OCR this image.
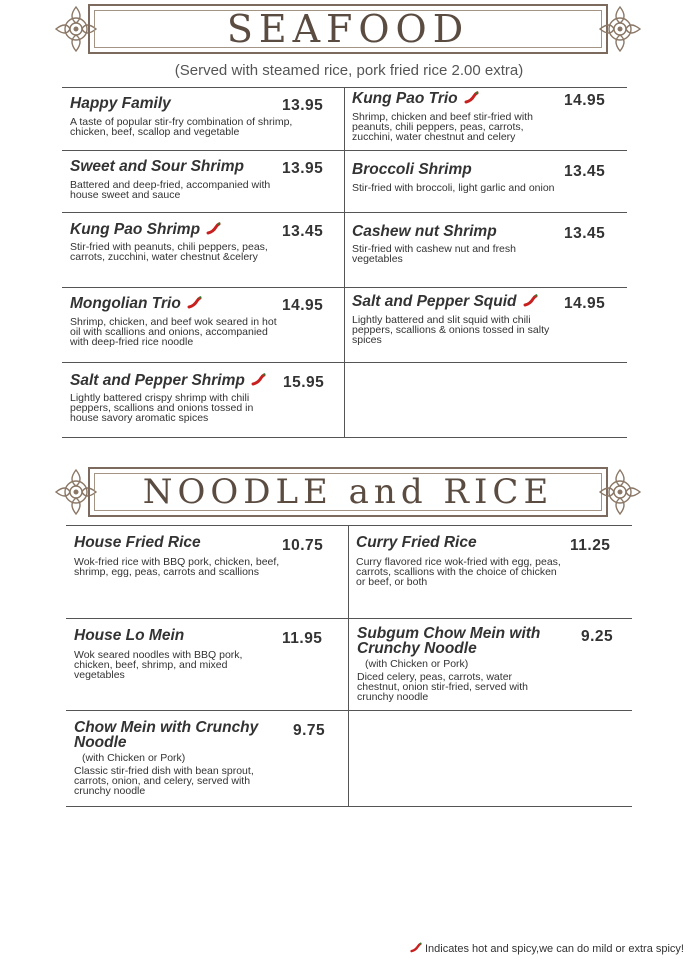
SEAFOOD
(Served with steamed rice, pork fried rice 2.00 extra)
Happy Family	13.95
A taste of popular stir-fry combination of shrimp, chicken, beef, scallop and vegetable
Kung Pao Trio	14.95
Shrimp, chicken and beef stir-fried with peanuts, chili peppers, peas, carrots, zucchini, water chestnut and celery
Sweet and Sour Shrimp 13.95
Battered and deep-fried, accompanied with house sweet and sauce
Broccoli Shrimp	13.45
Stir-fried with broccoli, light garlic and onion
Kung Pao Shrimp	13.45
Stir-fried with peanuts, chili peppers, peas, carrots, zucchini, water chestnut &celery
Cashew nut Shrimp	13.45
Stir-fried with cashew nut and fresh vegetables
Mongolian Trio	14.95
Shrimp, chicken, and beef wok seared in hot oil with scallions and onions, accompanied with deep-fried rice noodle
Salt and Pepper Squid	14.95
Lightly battered and slit squid with chili peppers, scallions & onions tossed in salty spices
Salt and Pepper Shrimp	15.95
Lightly battered crispy shrimp with chili peppers, scallions and onions tossed in house savory aromatic spices
NOODLE and RICE
House Fried Rice	10.75
Wok-fried rice with BBQ pork, chicken, beef, shrimp, egg, peas, carrots and scallions
Curry Fried Rice	11.25
Curry flavored rice wok-fried with egg, peas, carrots, scallions with the choice of chicken or beef, or both
House Lo Mein	11.95
Wok seared noodles with BBQ pork, chicken, beef, shrimp, and mixed vegetables
Subgum Chow Mein with Crunchy Noodle
9.25
(with Chicken or Pork)
Diced celery, peas, carrots, water chestnut, onion stir-fried, served with crunchy noodle
Chow Mein with Crunchy Noodle
9.75
(with Chicken or Pork)
Classic stir-fried dish with bean sprout, carrots, onion, and celery, served with crunchy noodle
Indicates hot and spicy,we can do mild or extra spicy!
